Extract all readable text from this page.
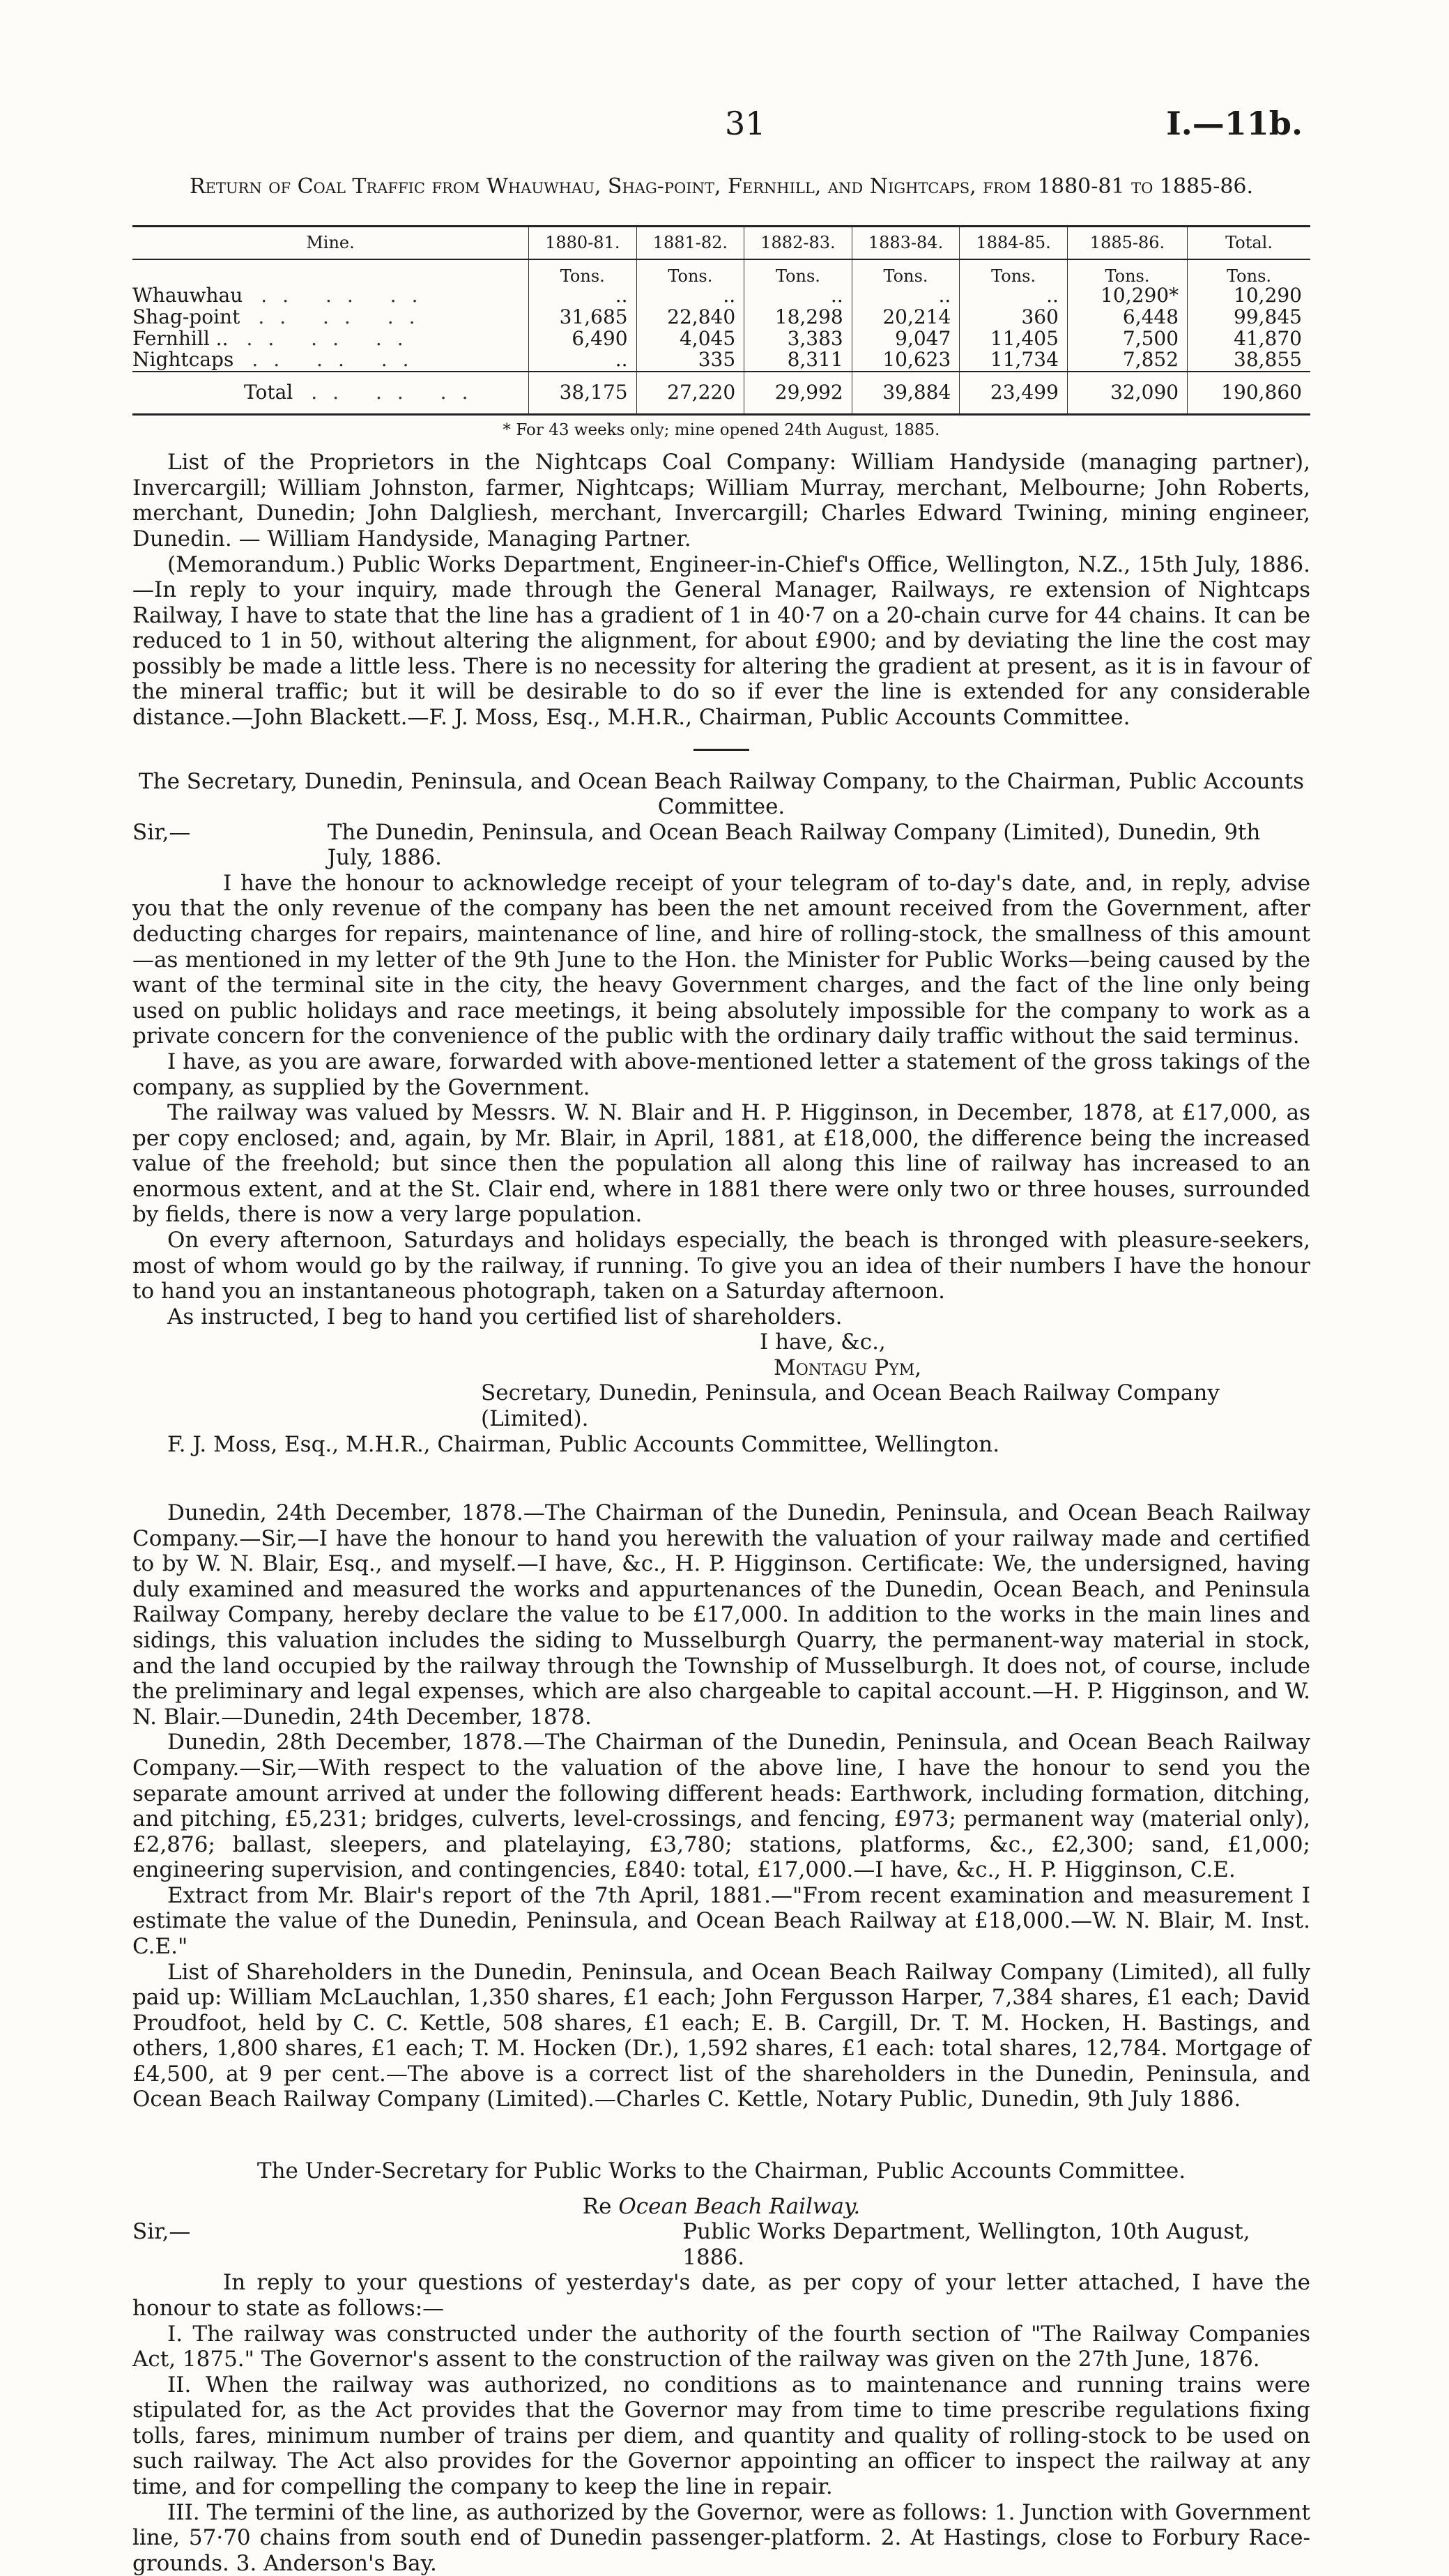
31	I.—11b.
Return of Coal Traffic from Whauwhau, Shag-point, Fernhill, and Nightcaps, from 1880-81 to 1885-86.
Mine.	1880-81.	1881-82.	1882-83.	1883-84.	1884-85.	1885-86.	Total.
	Tons.	Tons.	Tons.	Tons.	Tons.	Tons.	Tons.
Whauwhau .. .. ..	..	..	..	..	..	10,290*	10,290
Shag-point .. .. ..	31,685	22,840	18,298	20,214	360	6,448	99,845
Fernhill .. .. .. ..	6,490	4,045	3,383	9,047	11,405	7,500	41,870
Nightcaps .. .. ..	..	335	8,311	10,623	11,734	7,852	38,855
Total .. .. ..	38,175	27,220	29,992	39,884	23,499	32,090	190,860
* For 43 weeks only; mine opened 24th August, 1885.

List of the Proprietors in the Nightcaps Coal Company: William Handyside (managing partner), Invercargill; William Johnston, farmer, Nightcaps; William Murray, merchant, Melbourne; John Roberts, merchant, Dunedin; John Dalgliesh, merchant, Invercargill; Charles Edward Twining, mining engineer, Dunedin. — William Handyside, Managing Partner.

(Memorandum.) Public Works Department, Engineer-in-Chief's Office, Wellington, N.Z., 15th July, 1886.—In reply to your inquiry, made through the General Manager, Railways, re extension of Nightcaps Railway, I have to state that the line has a gradient of 1 in 40·7 on a 20-chain curve for 44 chains. It can be reduced to 1 in 50, without altering the alignment, for about £900; and by deviating the line the cost may possibly be made a little less. There is no necessity for altering the gradient at present, as it is in favour of the mineral traffic; but it will be desirable to do so if ever the line is extended for any considerable distance.—John Blackett.—F. J. Moss, Esq., M.H.R., Chairman, Public Accounts Committee.

The Secretary, Dunedin, Peninsula, and Ocean Beach Railway Company, to the Chairman, Public Accounts Committee.
Sir,—	The Dunedin, Peninsula, and Ocean Beach Railway Company (Limited), Dunedin, 9th July, 1886.

I have the honour to acknowledge receipt of your telegram of to-day's date, and, in reply, advise you that the only revenue of the company has been the net amount received from the Government, after deducting charges for repairs, maintenance of line, and hire of rolling-stock, the smallness of this amount—as mentioned in my letter of the 9th June to the Hon. the Minister for Public Works—being caused by the want of the terminal site in the city, the heavy Government charges, and the fact of the line only being used on public holidays and race meetings, it being absolutely impossible for the company to work as a private concern for the convenience of the public with the ordinary daily traffic without the said terminus.

I have, as you are aware, forwarded with above-mentioned letter a statement of the gross takings of the company, as supplied by the Government.

The railway was valued by Messrs. W. N. Blair and H. P. Higginson, in December, 1878, at £17,000, as per copy enclosed; and, again, by Mr. Blair, in April, 1881, at £18,000, the difference being the increased value of the freehold; but since then the population all along this line of railway has increased to an enormous extent, and at the St. Clair end, where in 1881 there were only two or three houses, surrounded by fields, there is now a very large population.

On every afternoon, Saturdays and holidays especially, the beach is thronged with pleasure-seekers, most of whom would go by the railway, if running. To give you an idea of their numbers I have the honour to hand you an instantaneous photograph, taken on a Saturday afternoon.

As instructed, I beg to hand you certified list of shareholders.

I have, &c.,
Montagu Pym,
Secretary, Dunedin, Peninsula, and Ocean Beach Railway Company (Limited).
F. J. Moss, Esq., M.H.R., Chairman, Public Accounts Committee, Wellington.

Dunedin, 24th December, 1878.—The Chairman of the Dunedin, Peninsula, and Ocean Beach Railway Company.—Sir,—I have the honour to hand you herewith the valuation of your railway made and certified to by W. N. Blair, Esq., and myself.—I have, &c., H. P. Higginson. Certificate: We, the undersigned, having duly examined and measured the works and appurtenances of the Dunedin, Ocean Beach, and Peninsula Railway Company, hereby declare the value to be £17,000. In addition to the works in the main lines and sidings, this valuation includes the siding to Musselburgh Quarry, the permanent-way material in stock, and the land occupied by the railway through the Township of Musselburgh. It does not, of course, include the preliminary and legal expenses, which are also chargeable to capital account.—H. P. Higginson, and W. N. Blair.—Dunedin, 24th December, 1878.

Dunedin, 28th December, 1878.—The Chairman of the Dunedin, Peninsula, and Ocean Beach Railway Company.—Sir,—With respect to the valuation of the above line, I have the honour to send you the separate amount arrived at under the following different heads: Earthwork, including formation, ditching, and pitching, £5,231; bridges, culverts, level-crossings, and fencing, £973; permanent way (material only), £2,876; ballast, sleepers, and platelaying, £3,780; stations, platforms, &c., £2,300; sand, £1,000; engineering supervision, and contingencies, £840: total, £17,000.—I have, &c., H. P. Higginson, C.E.

Extract from Mr. Blair's report of the 7th April, 1881.—"From recent examination and measurement I estimate the value of the Dunedin, Peninsula, and Ocean Beach Railway at £18,000.—W. N. Blair, M. Inst. C.E."

List of Shareholders in the Dunedin, Peninsula, and Ocean Beach Railway Company (Limited), all fully paid up: William McLauchlan, 1,350 shares, £1 each; John Fergusson Harper, 7,384 shares, £1 each; David Proudfoot, held by C. C. Kettle, 508 shares, £1 each; E. B. Cargill, Dr. T. M. Hocken, H. Bastings, and others, 1,800 shares, £1 each; T. M. Hocken (Dr.), 1,592 shares, £1 each: total shares, 12,784. Mortgage of £4,500, at 9 per cent.—The above is a correct list of the shareholders in the Dunedin, Peninsula, and Ocean Beach Railway Company (Limited).—Charles C. Kettle, Notary Public, Dunedin, 9th July 1886.

The Under-Secretary for Public Works to the Chairman, Public Accounts Committee.
Re Ocean Beach Railway.
Sir,—	Public Works Department, Wellington, 10th August, 1886.

In reply to your questions of yesterday's date, as per copy of your letter attached, I have the honour to state as follows:—

I. The railway was constructed under the authority of the fourth section of "The Railway Companies Act, 1875." The Governor's assent to the construction of the railway was given on the 27th June, 1876.

II. When the railway was authorized, no conditions as to maintenance and running trains were stipulated for, as the Act provides that the Governor may from time to time prescribe regulations fixing tolls, fares, minimum number of trains per diem, and quantity and quality of rolling-stock to be used on such railway. The Act also provides for the Governor appointing an officer to inspect the railway at any time, and for compelling the company to keep the line in repair.

III. The termini of the line, as authorized by the Governor, were as follows: 1. Junction with Government line, 57·70 chains from south end of Dunedin passenger-platform. 2. At Hastings, close to Forbury Race-grounds. 3. Anderson's Bay.
